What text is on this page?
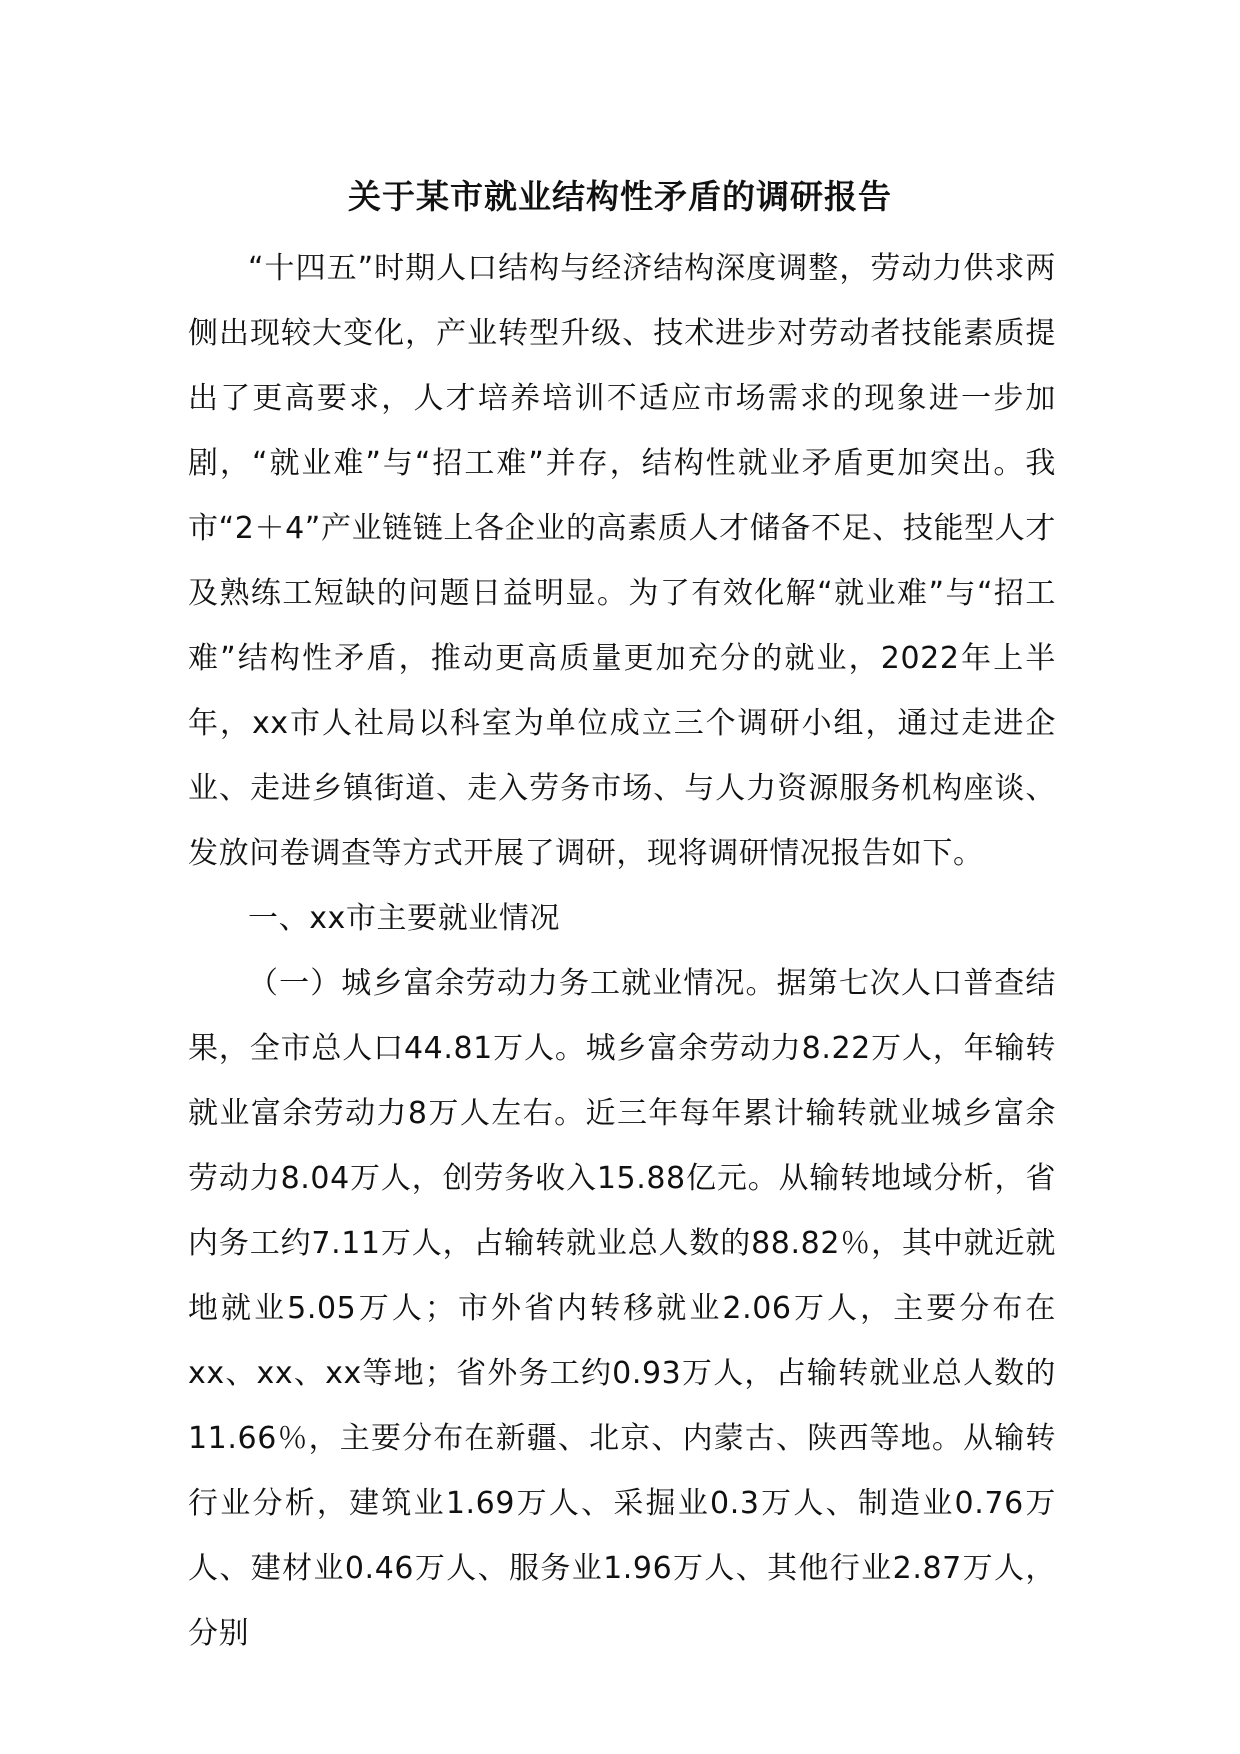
关于某市就业结构性矛盾的调研报告

“十四五”时期人口结构与经济结构深度调整，劳动力供求两侧出现较大变化，产业转型升级、技术进步对劳动者技能素质提出了更高要求，人才培养培训不适应市场需求的现象进一步加剧，“就业难”与“招工难”并存，结构性就业矛盾更加突出。我市“2＋4”产业链链上各企业的高素质人才储备不足、技能型人才及熟练工短缺的问题日益明显。为了有效化解“就业难”与“招工难”结构性矛盾，推动更高质量更加充分的就业，2022年上半年，xx市人社局以科室为单位成立三个调研小组，通过走进企业、走进乡镇街道、走入劳务市场、与人力资源服务机构座谈、发放问卷调查等方式开展了调研，现将调研情况报告如下。

一、xx市主要就业情况

（一）城乡富余劳动力务工就业情况。据第七次人口普查结果，全市总人口44.81万人。城乡富余劳动力8.22万人，年输转就业富余劳动力8万人左右。近三年每年累计输转就业城乡富余劳动力8.04万人，创劳务收入15.88亿元。从输转地域分析，省内务工约7.11万人，占输转就业总人数的88.82％，其中就近就地就业5.05万人；市外省内转移就业2.06万人，主要分布在xx、xx、xx等地；省外务工约0.93万人，占输转就业总人数的11.66％，主要分布在新疆、北京、内蒙古、陕西等地。从输转行业分析，建筑业1.69万人、采掘业0.3万人、制造业0.76万人、建材业0.46万人、服务业1.96万人、其他行业2.87万人，分别
